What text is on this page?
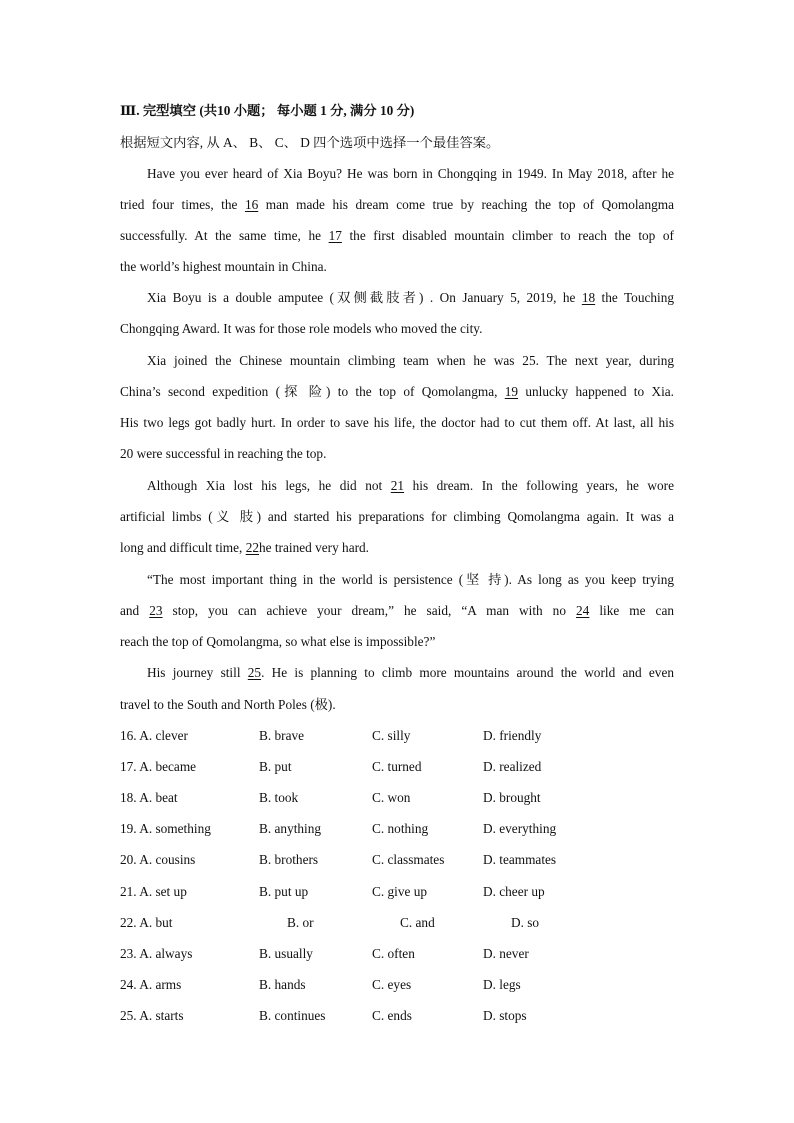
Ⅲ. 完型填空 (共10 小题； 每小题 1 分, 满分 10 分)
根据短文内容, 从 A、 B、 C、 D 四个选项中选择一个最佳答案。
Have you ever heard of Xia Boyu? He was born in Chongqing in 1949. In May 2018, after he
tried four times, the 16 man made his dream come true by reaching the top of Qomolangma
successfully. At the same time, he 17 the first disabled mountain climber to reach the top of
the world’s highest mountain in China.
Xia Boyu is a double amputee (双侧截肢者) . On January 5, 2019, he 18 the Touching
Chongqing Award. It was for those role models who moved the city.
Xia joined the Chinese mountain climbing team when he was 25. The next year, during
China’s second expedition (探 险) to the top of Qomolangma, 19 unlucky happened to Xia.
His two legs got badly hurt. In order to save his life, the doctor had to cut them off. At last, all his
20 were successful in reaching the top.
Although Xia lost his legs, he did not 21 his dream. In the following years, he wore
artificial limbs (义 肢) and started his preparations for climbing Qomolangma again. It was a
long and difficult time, 22he trained very hard.
“The most important thing in the world is persistence (坚 持). As long as you keep trying
and 23 stop, you can achieve your dream,” he said, “A man with no 24 like me can
reach the top of Qomolangma, so what else is impossible?”
His journey still 25. He is planning to climb more mountains around the world and even
travel to the South and North Poles (极).
16. A. clever	B. brave	C. silly	D. friendly
17. A. became	B. put	C. turned	D. realized
18. A. beat	B. took	C. won	D. brought
19. A. something	B. anything	C. nothing	D. everything
20. A. cousins	B. brothers	C. classmates	D. teammates
21. A. set up	B. put up	C. give up	D. cheer up
22. A. but	B. or	C. and	D. so
23. A. always	B. usually	C. often	D. never
24. A. arms	B. hands	C. eyes	D. legs
25. A. starts	B. continues	C. ends	D. stops
